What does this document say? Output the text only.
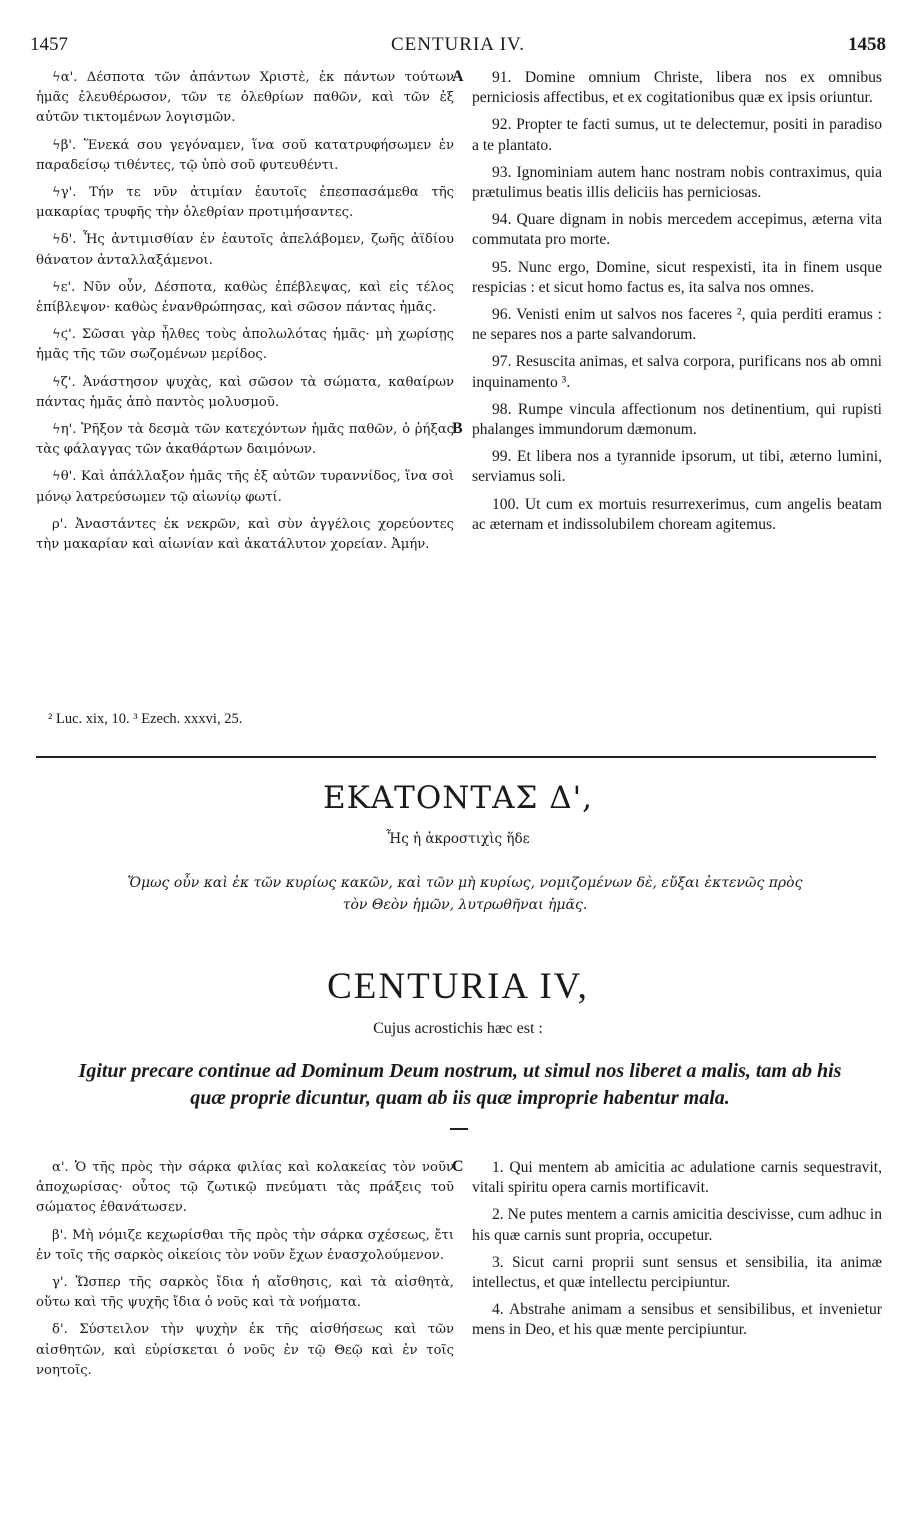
1457	CENTURIA IV.	1458

ϟα'. Δέσποτα τῶν ἁπάντων Χριστὲ, ἐκ πάντων τούτων ἡμᾶς ἐλευθέρωσον, τῶν τε ὀλεθρίων παθῶν, καὶ τῶν ἐξ αὐτῶν τικτομένων λογισμῶν.

ϟβ'. Ἕνεκά σου γεγόναμεν, ἵνα σοῦ κατατρυφήσωμεν ἐν παραδείσῳ τιθέντες, τῷ ὑπὸ σοῦ φυτευθέντι.

ϟγ'. Τήν τε νῦν ἀτιμίαν ἑαυτοῖς ἐπεσπασάμεθα τῆς μακαρίας τρυφῆς τὴν ὀλεθρίαν προτιμήσαντες.

ϟδ'. Ἧς ἀντιμισθίαν ἐν ἑαυτοῖς ἀπελάβομεν, ζωῆς ἀϊδίου θάνατον ἀνταλλαξάμενοι.

ϟε'. Νῦν οὖν, Δέσποτα, καθὼς ἐπέβλεψας, καὶ εἰς τέλος ἐπίβλεψον· καθὼς ἐνανθρώπησας, καὶ σῶσον πάντας ἡμᾶς.

ϟϛ'. Σῶσαι γὰρ ἦλθες τοὺς ἀπολωλότας ἡμᾶς· μὴ χωρίσῃς ἡμᾶς τῆς τῶν σωζομένων μερίδος.

ϟζ'. Ἀνάστησον ψυχὰς, καὶ σῶσον τὰ σώματα, καθαίρων πάντας ἡμᾶς ἀπὸ παντὸς μολυσμοῦ.

ϟη'. Ῥῆξον τὰ δεσμὰ τῶν κατεχόντων ἡμᾶς παθῶν, ὁ ῥήξας τὰς φάλαγγας τῶν ἀκαθάρτων δαιμόνων.

ϟθ'. Καὶ ἀπάλλαξον ἡμᾶς τῆς ἐξ αὐτῶν τυραννίδος, ἵνα σοὶ μόνῳ λατρεύσωμεν τῷ αἰωνίῳ φωτί.

ρ'. Ἀναστάντες ἐκ νεκρῶν, καὶ σὺν ἀγγέλοις χορεύοντες τὴν μακαρίαν καὶ αἰωνίαν καὶ ἀκατάλυτον χορείαν. Ἀμήν.

A
B

91. Domine omnium Christe, libera nos ex omnibus perniciosis affectibus, et ex cogitationibus quæ ex ipsis oriuntur.

92. Propter te facti sumus, ut te delectemur, positi in paradiso a te plantato.

93. Ignominiam autem hanc nostram nobis contraximus, quia prætulimus beatis illis deliciis has perniciosas.

94. Quare dignam in nobis mercedem accepimus, æterna vita commutata pro morte.

95. Nunc ergo, Domine, sicut respexisti, ita in finem usque respicias : et sicut homo factus es, ita salva nos omnes.

96. Venisti enim ut salvos nos faceres ², quia perditi eramus : ne separes nos a parte salvandorum.

97. Resuscita animas, et salva corpora, purificans nos ab omni inquinamento ³.

98. Rumpe vincula affectionum nos detinentium, qui rupisti phalanges immundorum dæmonum.

99. Et libera nos a tyrannide ipsorum, ut tibi, æterno lumini, serviamus soli.

100. Ut cum ex mortuis resurrexerimus, cum angelis beatam ac æternam et indissolubilem choream agitemus.

² Luc. xix, 10. ³ Ezech. xxxvi, 25.
ΕΚΑΤΟΝΤΑΣ Δ',
Ἧς ἡ ἀκροστιχὶς ἥδε
Ὅμως οὖν καὶ ἐκ τῶν κυρίως κακῶν, καὶ τῶν μὴ κυρίως, νομιζομένων δὲ, εὔξαι ἐκτενῶς πρὸς τὸν Θεὸν ἡμῶν, λυτρωθῆναι ἡμᾶς.
CENTURIA IV,
Cujus acrostichis hæc est :
Igitur precare continue ad Dominum Deum nostrum, ut simul nos liberet a malis, tam ab his quæ proprie dicuntur, quam ab iis quæ improprie habentur mala.

α'. Ὁ τῆς πρὸς τὴν σάρκα φιλίας καὶ κολακείας τὸν νοῦν ἀποχωρίσας· οὗτος τῷ ζωτικῷ πνεύματι τὰς πράξεις τοῦ σώματος ἐθανάτωσεν.

β'. Μὴ νόμιζε κεχωρίσθαι τῆς πρὸς τὴν σάρκα σχέσεως, ἔτι ἐν τοῖς τῆς σαρκὸς οἰκείοις τὸν νοῦν ἔχων ἐνασχολούμενον.

γ'. Ὥσπερ τῆς σαρκὸς ἴδια ἡ αἴσθησις, καὶ τὰ αἰσθητὰ, οὕτω καὶ τῆς ψυχῆς ἴδια ὁ νοῦς καὶ τὰ νοήματα.

δ'. Σύστειλον τὴν ψυχὴν ἐκ τῆς αἰσθήσεως καὶ τῶν αἰσθητῶν, καὶ εὑρίσκεται ὁ νοῦς ἐν τῷ Θεῷ καὶ ἐν τοῖς νοητοῖς.

C	1. Qui mentem ab amicitia ac adulatione carnis sequestravit, vitali spiritu opera carnis mortificavit.

2. Ne putes mentem a carnis amicitia descivisse, cum adhuc in his quæ carnis sunt propria, occupetur.

3. Sicut carni proprii sunt sensus et sensibilia, ita animæ intellectus, et quæ intellectu percipiuntur.

4. Abstrahe animam a sensibus et sensibilibus, et invenietur mens in Deo, et his quæ mente percipiuntur.
